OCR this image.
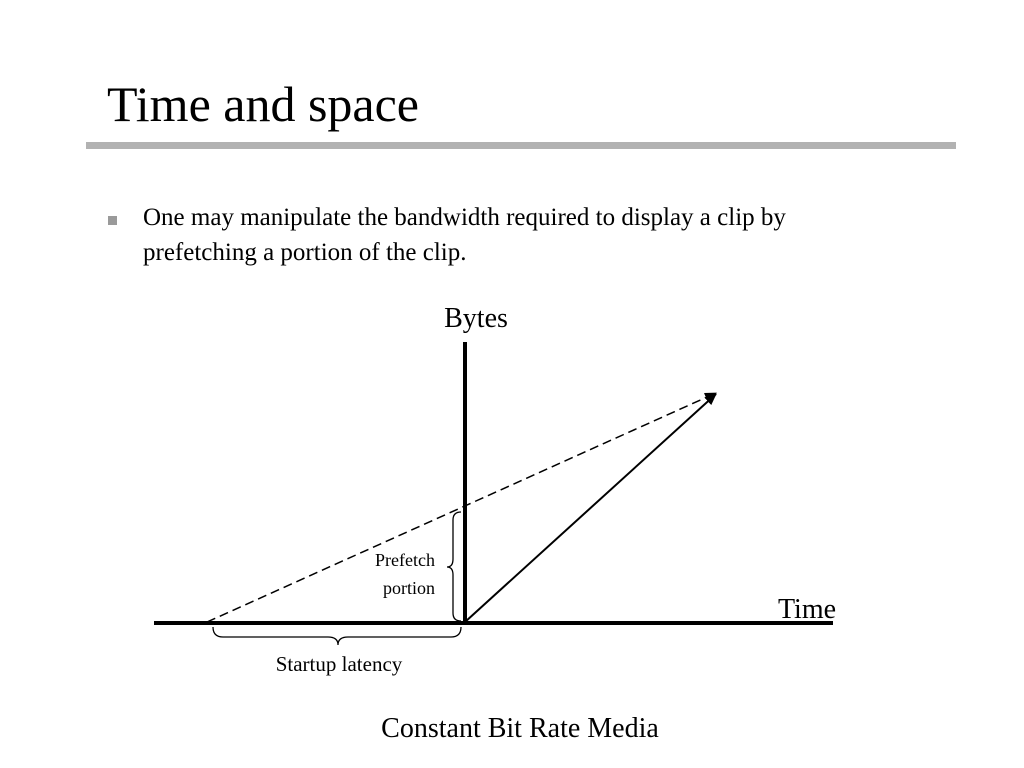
Time and space
One may manipulate the bandwidth required to display a clip by prefetching a portion of the clip.
Bytes
Time
Prefetch
portion
Startup latency
Constant Bit Rate Media
